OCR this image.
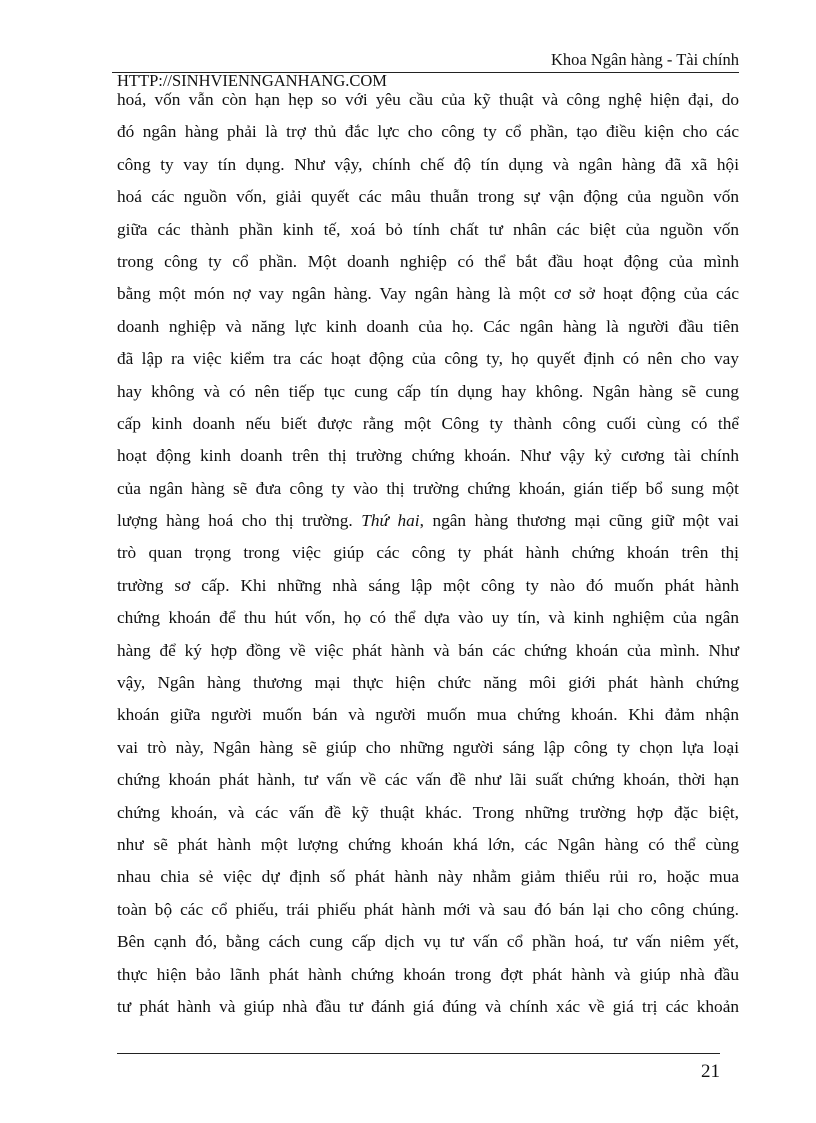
Khoa Ngân hàng - Tài chính
HTTP://SINHVIENNGANHANG.COM
hoá, vốn vẫn còn hạn hẹp so với yêu cầu của kỹ thuật và công nghệ hiện đại, do
đó ngân hàng phải là trợ thủ đắc lực cho công ty cổ phần, tạo điều kiện cho các
công ty vay tín dụng. Như vậy, chính chế độ tín dụng và ngân hàng đã xã hội
hoá các nguồn vốn, giải quyết các mâu thuẫn trong sự vận động của nguồn vốn
giữa các thành phần kinh tế, xoá bỏ tính chất tư nhân các biệt của nguồn vốn
trong công ty cổ phần. Một doanh nghiệp có thể bắt đầu hoạt động của mình
bằng một món nợ vay ngân hàng. Vay ngân hàng là một cơ sở hoạt động của các
doanh nghiệp và năng lực kinh doanh của họ. Các ngân hàng là người đầu tiên
đã lập ra việc kiểm tra các hoạt động của công ty, họ quyết định có nên cho vay
hay không và có nên tiếp tục cung cấp tín dụng hay không. Ngân hàng sẽ cung
cấp kinh doanh nếu biết được rằng một Công ty thành công cuối cùng có thể
hoạt động kinh doanh trên thị trường chứng khoán. Như vậy kỷ cương tài chính
của ngân hàng sẽ đưa công ty vào thị trường chứng khoán, gián tiếp bổ sung một
lượng hàng hoá cho thị trường. Thứ hai, ngân hàng thương mại cũng giữ một vai
trò quan trọng trong việc giúp các công ty phát hành chứng khoán trên thị
trường sơ cấp. Khi những nhà sáng lập một công ty nào đó muốn phát hành
chứng khoán để thu hút vốn, họ có thể dựa vào uy tín, và kinh nghiệm của ngân
hàng để ký hợp đồng về việc phát hành và bán các chứng khoán của mình. Như
vậy, Ngân hàng thương mại thực hiện chức năng môi giới phát hành chứng
khoán giữa người muốn bán và người muốn mua chứng khoán. Khi đảm nhận
vai trò này, Ngân hàng sẽ giúp cho những người sáng lập công ty chọn lựa loại
chứng khoán phát hành, tư vấn về các vấn đề như lãi suất chứng khoán, thời hạn
chứng khoán, và các vấn đề kỹ thuật khác. Trong những trường hợp đặc biệt,
như sẽ phát hành một lượng chứng khoán khá lớn, các Ngân hàng có thể cùng
nhau chia sẻ việc dự định số phát hành này nhằm giảm thiểu rủi ro, hoặc mua
toàn bộ các cổ phiếu, trái phiếu phát hành mới và sau đó bán lại cho công chúng.
Bên cạnh đó, bằng cách cung cấp dịch vụ tư vấn cổ phần hoá, tư vấn niêm yết,
thực hiện bảo lãnh phát hành chứng khoán trong đợt phát hành và giúp nhà đầu
tư phát hành và giúp nhà đầu tư đánh giá đúng và chính xác về giá trị các khoản
21
